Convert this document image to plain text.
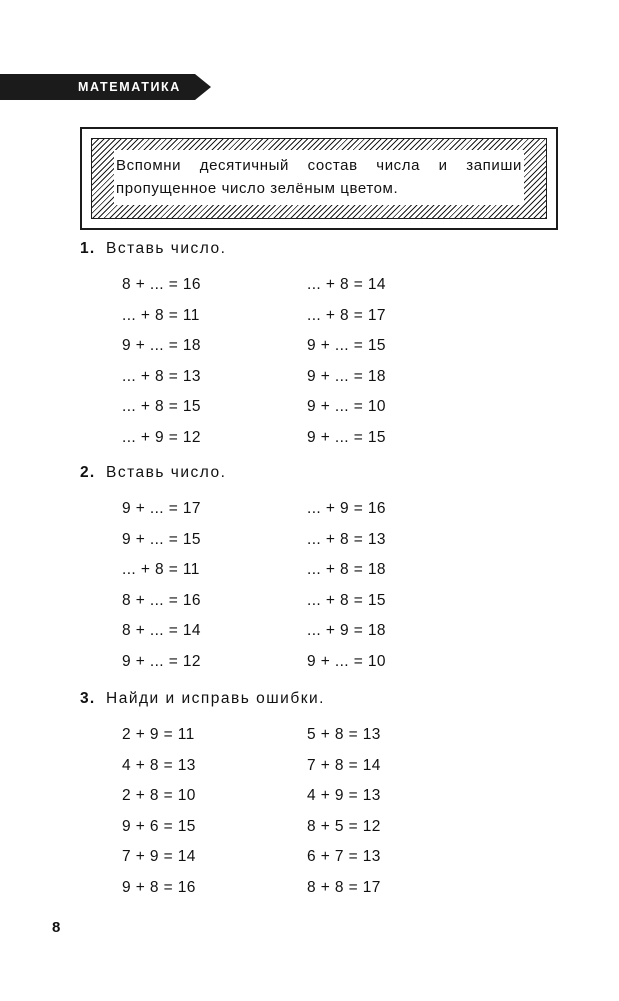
МАТЕМАТИКА
Вспомни десятичный состав числа и запиши пропущенное число зелёным цветом.
1. Вставь число.
8 + ... = 16
... + 8 = 11
9 + ... = 18
... + 8 = 13
... + 8 = 15
... + 9 = 12
... + 8 = 14
... + 8 = 17
9 + ... = 15
9 + ... = 18
9 + ... = 10
9 + ... = 15
2. Вставь число.
9 + ... = 17
9 + ... = 15
... + 8 = 11
8 + ... = 16
8 + ... = 14
9 + ... = 12
... + 9 = 16
... + 8 = 13
... + 8 = 18
... + 8 = 15
... + 9 = 18
9 + ... = 10
3. Найди и исправь ошибки.
2 + 9 = 11
4 + 8 = 13
2 + 8 = 10
9 + 6 = 15
7 + 9 = 14
9 + 8 = 16
5 + 8 = 13
7 + 8 = 14
4 + 9 = 13
8 + 5 = 12
6 + 7 = 13
8 + 8 = 17
8
